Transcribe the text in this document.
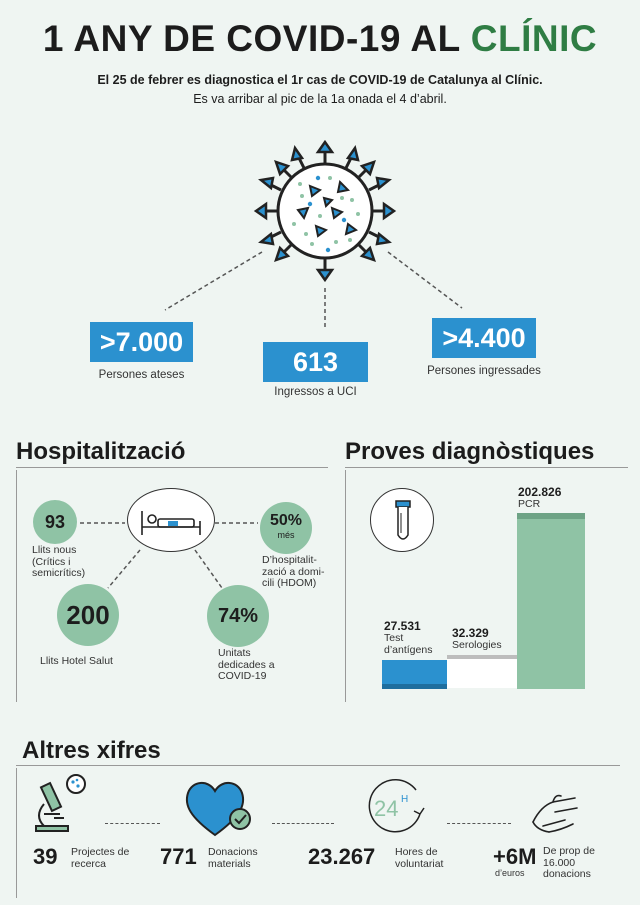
1 ANY DE COVID-19 AL CLÍNIC
El 25 de febrer es diagnostica el 1r cas de COVID-19 de Catalunya al Clínic.
Es va arribar al pic de la 1a onada el 4 d’abril.
>7.000
Persones ateses	613
Ingressos a UCI
>4.400
Persones ingressades
Hospitalització
93
Llits nous (Crítics i semicrítics)
50%
més
D’hospitalit-zació a domi-cili (HDOM)
200
Llits Hotel Salut
74%
Unitats dedicades a COVID-19
Proves diagnòstiques
27.531
Test d’antígens
32.329
Serologies
202.826
PCR
Altres xifres
24 H
39 Projectes de recerca	771 Donacions materials	23.267 Hores de voluntariat	+6M
d’euros
De prop de 16.000 donacions
